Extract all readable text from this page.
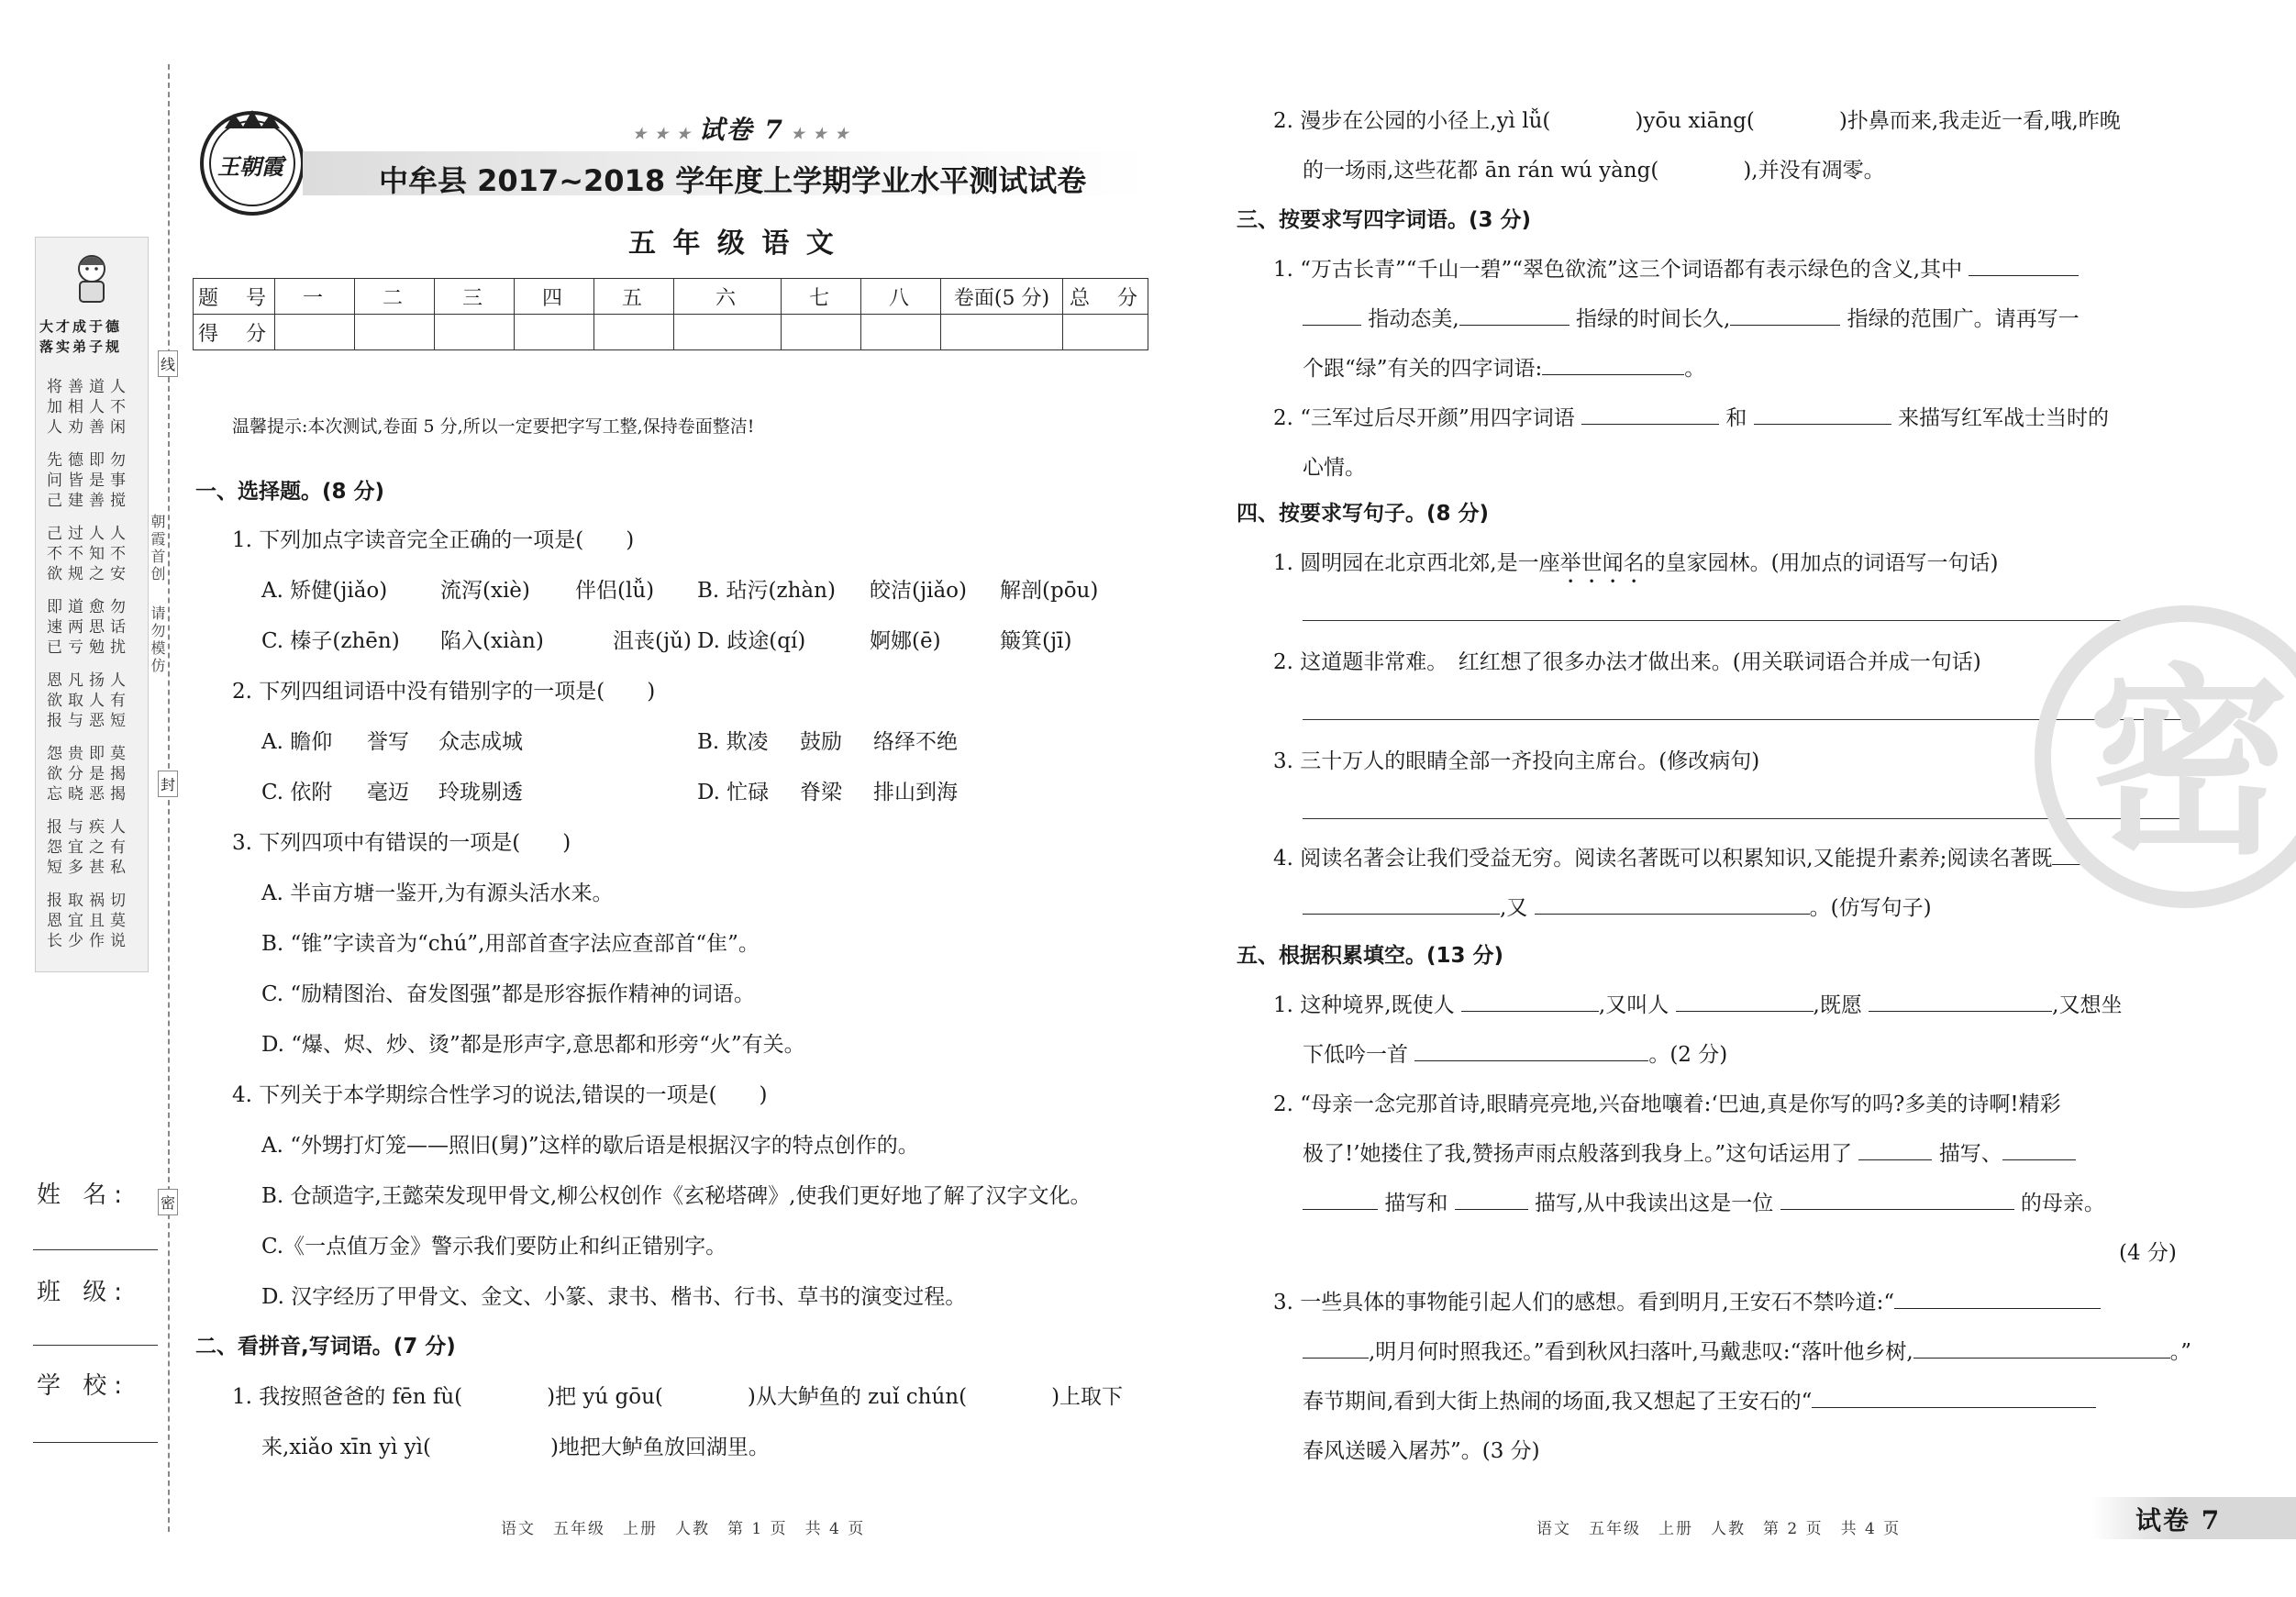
大才成于德
落实弟子规
将善道人
加相人不
人劝善闲
先德即勿
问皆是事
己建善搅
己过人人
不不知不
欲规之安
即道愈勿
速两思话
已亏勉扰
恩凡扬人
欲取人有
报与恶短
怨贵即莫
欲分是揭
忘晓恶揭
报与疾人
怨宜之有
短多甚私
报取祸切
恩宜且莫
长少作说
朝霞首创
请勿模仿
线
封
密
姓 名:
班 级:
学 校:
王朝霞
★ ★ ★ 试卷 7 ★ ★ ★
中牟县 2017~2018 学年度上学期学业水平测试试卷
五 年 级 语 文
题　号	一	二	三	四	五	六	七	八	卷面(5 分)	总　分
得　分										
温馨提示:本次测试,卷面 5 分,所以一定要把字写工整,保持卷面整洁!
一、选择题。(8 分)
1. 下列加点字读音完全正确的一项是(　　)
A. 矫健(jiǎo)	流泻(xiè) 伴侣(lǚ) B. 玷污(zhàn) 皎洁(jiǎo) 解剖(pōu)
C. 榛子(zhēn) 陷入(xiàn)	沮丧(jǔ) D. 歧途(qí)	婀娜(ē)	簸箕(jī)
2. 下列四组词语中没有错别字的一项是(　　)
A. 瞻仰 誉写 众志成城	B. 欺凌 鼓励 络绎不绝
C. 依附 毫迈 玲珑剔透	D. 忙碌 脊梁 排山到海
3. 下列四项中有错误的一项是(　　)
A. 半亩方塘一鉴开,为有源头活水来。
B. “锥”字读音为“chú”,用部首查字法应查部首“隹”。
C. “励精图治、奋发图强”都是形容振作精神的词语。
D. “爆、烬、炒、烫”都是形声字,意思都和形旁“火”有关。
4. 下列关于本学期综合性学习的说法,错误的一项是(　　)
A. “外甥打灯笼——照旧(舅)”这样的歇后语是根据汉字的特点创作的。
B. 仓颉造字,王懿荣发现甲骨文,柳公权创作《玄秘塔碑》,使我们更好地了解了汉字文化。
C.《一点值万金》警示我们要防止和纠正错别字。
D. 汉字经历了甲骨文、金文、小篆、隶书、楷书、行书、草书的演变过程。
二、看拼音,写词语。(7 分)
1. 我按照爸爸的 fēn fù(	)把 yú gōu(	)从大鲈鱼的 zuǐ chún(	)上取下
来,xiǎo xīn yì yì(	)地把大鲈鱼放回湖里。
2. 漫步在公园的小径上,yì lǚ(	)yōu xiāng(	)扑鼻而来,我走近一看,哦,昨晚
的一场雨,这些花都 ān rán wú yàng(	),并没有凋零。
三、按要求写四字词语。(3 分)
1. “万古长青”“千山一碧”“翠色欲流”这三个词语都有表示绿色的含义,其中
指动态美,	指绿的时间长久,	指绿的范围广。请再写一
个跟“绿”有关的四字词语:	。
2. “三军过后尽开颜”用四字词语	和	来描写红军战士当时的
心情。
四、按要求写句子。(8 分)
1. 圆明园在北京西北郊,是一座举世闻名的皇家园林。(用加点的词语写一句话)
2. 这道题非常难。　红红想了很多办法才做出来。(用关联词语合并成一句话)
3. 三十万人的眼睛全部一齐投向主席台。(修改病句)
4. 阅读名著会让我们受益无穷。阅读名著既可以积累知识,又能提升素养;阅读名著既
,又	。(仿写句子)
五、根据积累填空。(13 分)
1. 这种境界,既使人	,又叫人	,既愿	,又想坐
下低吟一首	。(2 分)
2. “母亲一念完那首诗,眼睛亮亮地,兴奋地嚷着:‘巴迪,真是你写的吗?多美的诗啊!精彩
极了!’她搂住了我,赞扬声雨点般落到我身上。”这句话运用了	描写、
描写和	描写,从中我读出这是一位	的母亲。
(4 分)
3. 一些具体的事物能引起人们的感想。看到明月,王安石不禁吟道:“
,明月何时照我还。”看到秋风扫落叶,马戴悲叹:“落叶他乡树,	。”
春节期间,看到大街上热闹的场面,我又想起了王安石的“
春风送暖入屠苏”。(3 分)
密
语文　五年级　上册　人教　第 1 页　共 4 页	语文　五年级　上册　人教　第 2 页　共 4 页	试卷 7
